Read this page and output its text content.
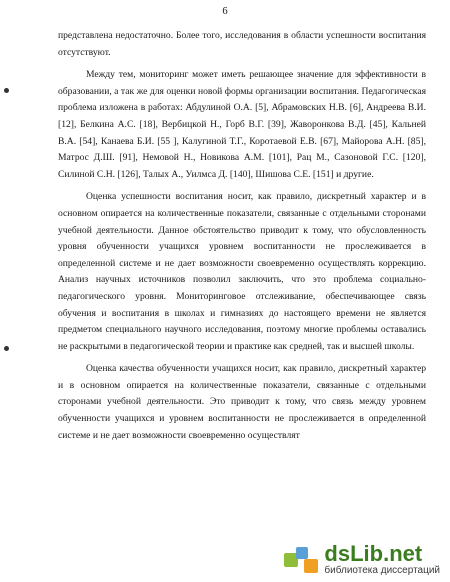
6

представлена недостаточно. Более того, исследования в области успешности воспитания отсутствуют.

Между тем, мониторинг может иметь решающее значение для эффективности в образовании, а так же для оценки новой формы организации воспитания. Педагогическая проблема изложена в работах: Абдулиной О.А. [5], Абрамовских Н.В. [6], Андреева В.И. [12], Белкина А.С. [18], Вербицкой Н., Горб В.Г. [39], Жаворонкова В.Д. [45], Кальней В.А. [54], Канаева Б.И. [55 ], Калугиной Т.Г., Коротаевой Е.В. [67], Майорова А.Н. [85], Матрос Д.Ш. [91], Немовой Н., Новикова А.М. [101], Рац М., Сазоновой Г.С. [120], Силиной С.Н. [126], Талых А., Уилмса Д. [140], Шишова С.Е. [151] и другие.

Оценка успешности воспитания носит, как правило, дискретный характер и в основном опирается на количественные показатели, связанные с отдельными сторонами учебной деятельности. Данное обстоятельство приводит к тому, что обусловленность уровня обученности учащихся уровнем воспитанности не прослеживается в определенной системе и не дает возможности своевременно осуществлять коррекцию. Анализ научных источников позволил заключить, что это проблема социально-педагогического уровня. Мониторинговое отслеживание, обеспечивающее связь обучения и воспитания в школах и гимназиях до настоящего времени не является предметом специального научного исследования, поэтому многие проблемы оставались не раскрытыми в педагогической теории и практике как средней, так и высшей школы.

Оценка качества обученности учащихся носит, как правило, дискретный характер и в основном опирается на количественные показатели, связанные с отдельными сторонами учебной деятельности. Это приводит к тому, что связь между уровнем обученности учащихся и уровнем воспитанности не прослеживается в определенной системе и не дает возможности своевременно осуществлят

dsLib.net
библиотека диссертаций
